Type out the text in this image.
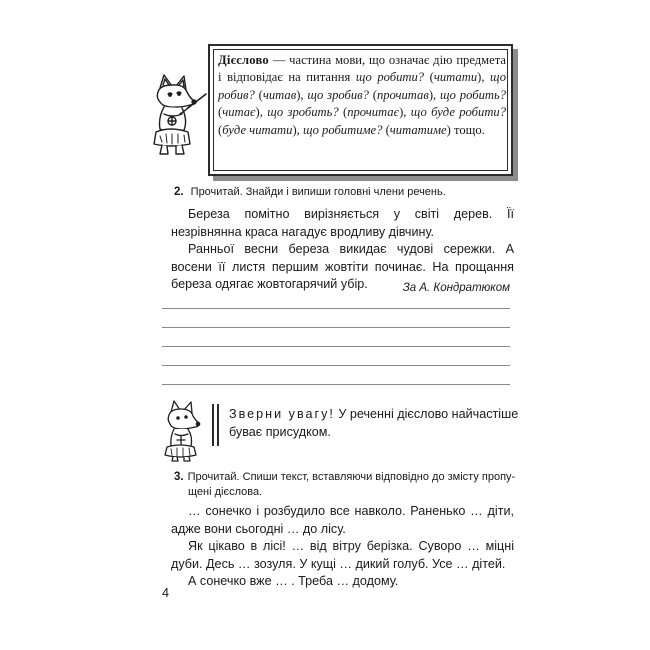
Дієслово — частина мови, що означає дію предмета і відповідає на питання що робити? (читати), що робив? (читав), що зробив? (прочитав), що робить? (читає), що зробить? (прочитає), що буде робити? (буде читати), що робитиме? (читатиме) тощо.
2. Прочитай. Знайди і випиши головні члени речень.

Береза помітно вирізняється у світі дерев. Її незрівнянна краса нагадує вродливу дівчину.

Ранньої весни береза викидає чудові сережки. А восени її листя першим жовтіти починає. На прощання береза одягає жовтогарячий убір.	За А. Кондратюком
Зверни увагу! У реченні дієслово найчастіше буває присудком.
3. Прочитай. Спиши текст, вставляючи відповідно до змісту пропу-
щені дієслова.

… сонечко і розбудило все навколо. Раненько … діти, адже вони сьогодні … до лісу.

Як цікаво в лісі! … від вітру берізка. Суворо … міцні дуби. Десь … зозуля. У кущі … дикий голуб. Усе … дітей.

А сонечко вже … . Треба … додому.

4
